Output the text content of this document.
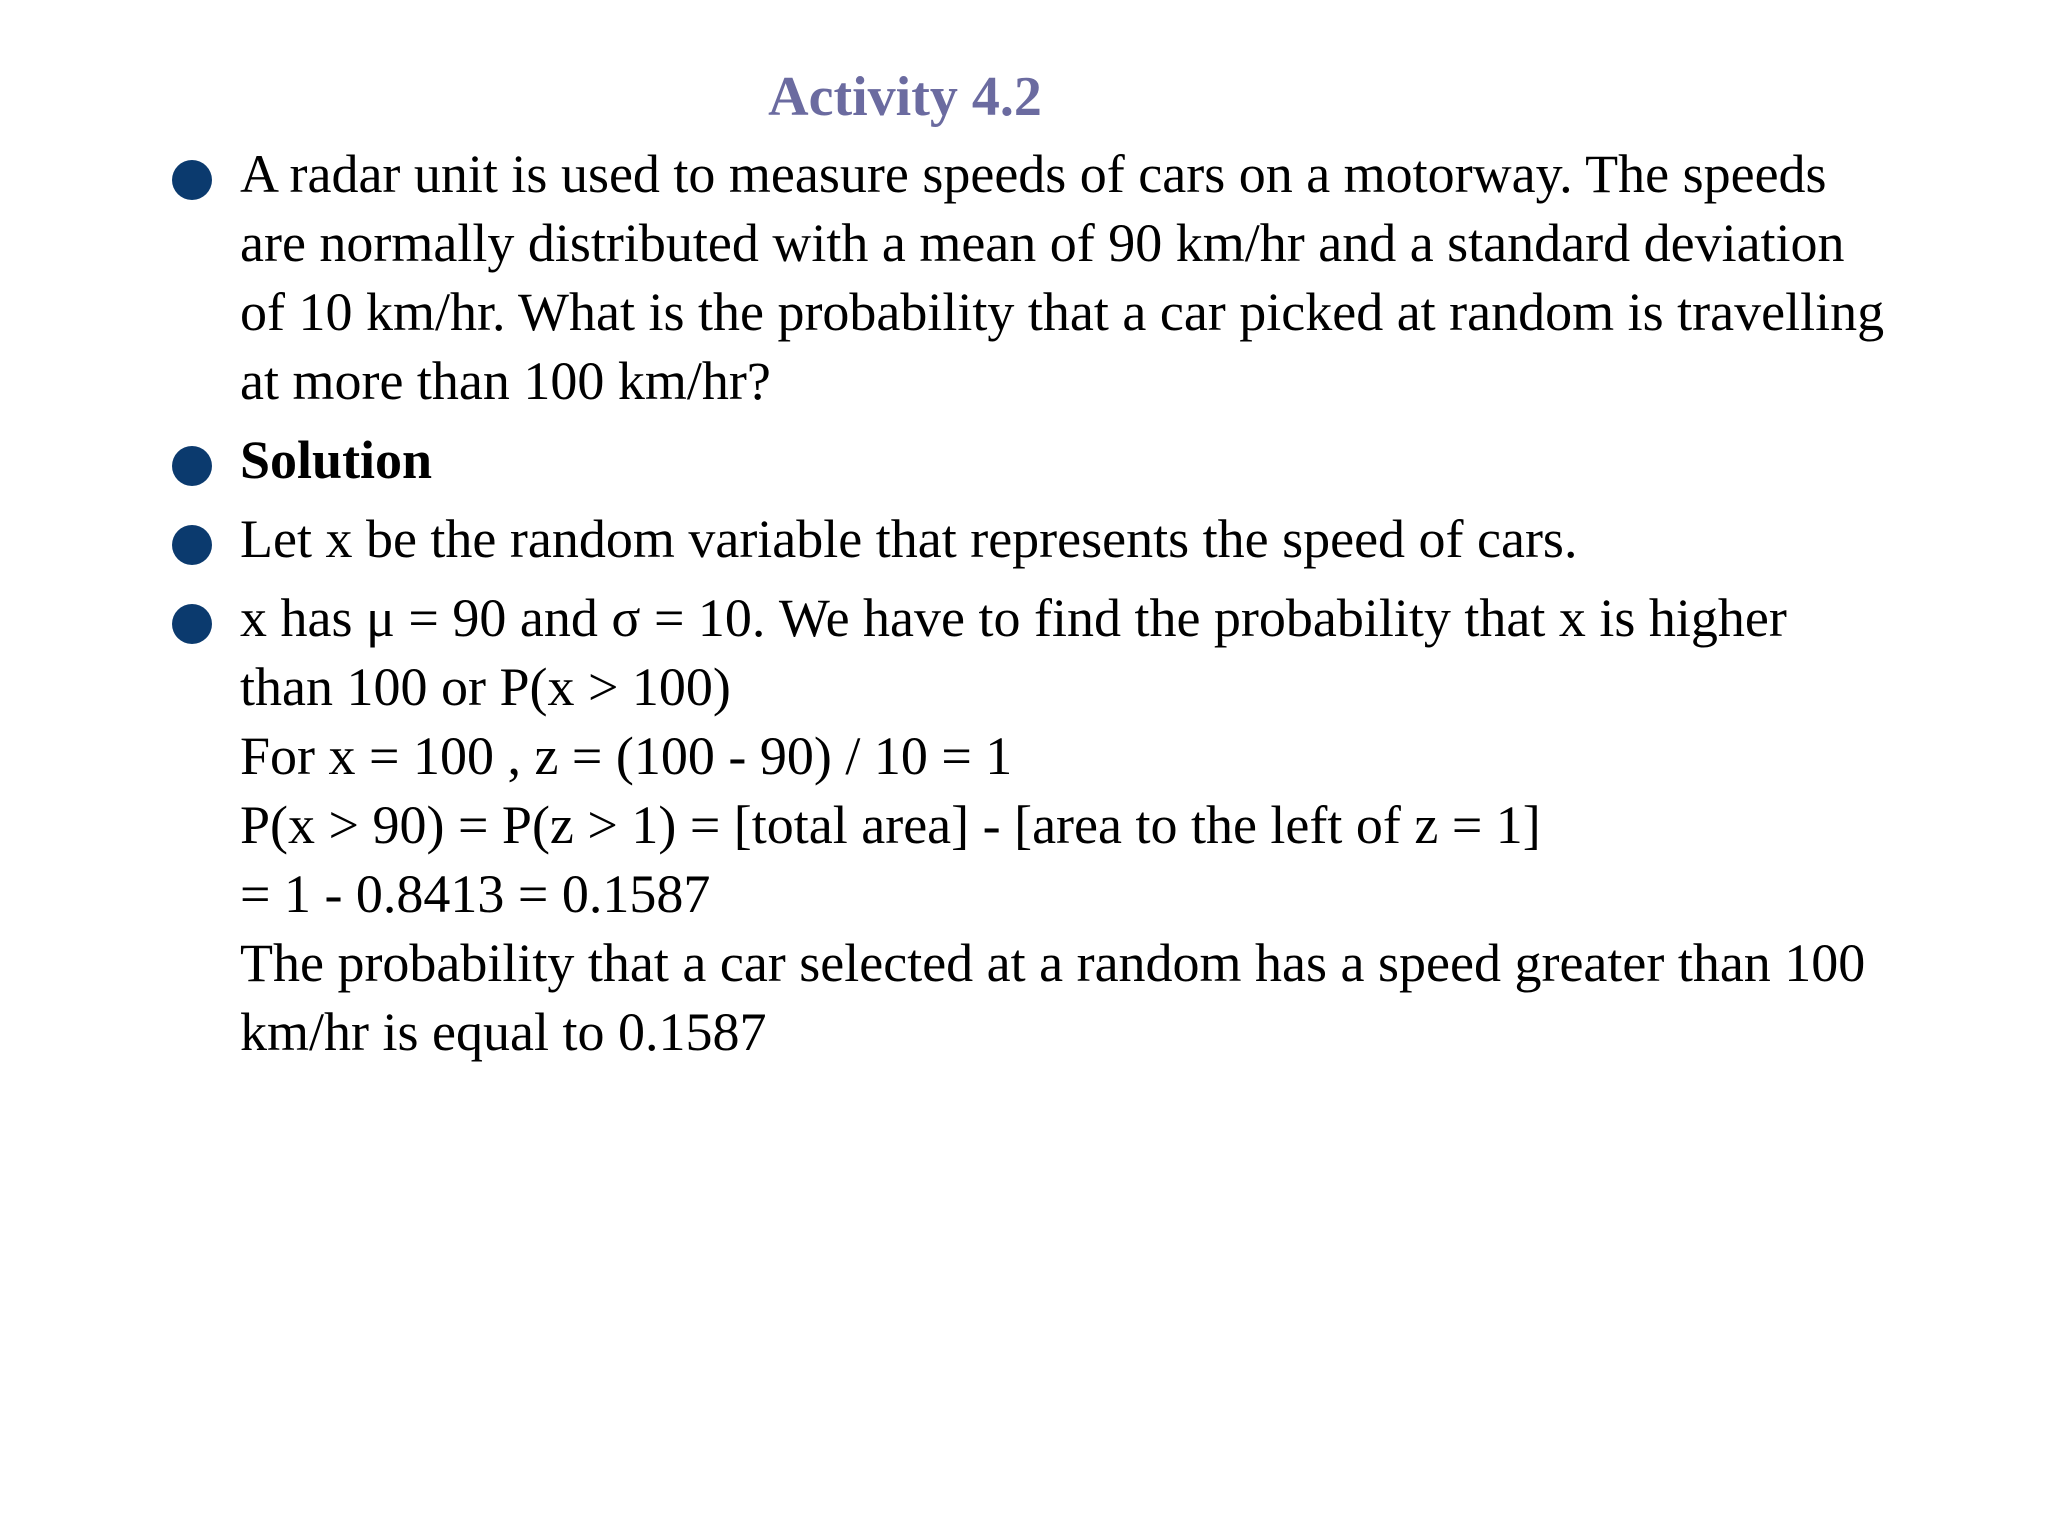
Activity 4.2
A radar unit is used to measure speeds of cars on a motorway. The speeds
are normally distributed with a mean of 90 km/hr and a standard deviation
of 10 km/hr. What is the probability that a car picked at random is travelling
at more than 100 km/hr?
Solution
Let x be the random variable that represents the speed of cars.
x has μ = 90 and σ = 10. We have to find the probability that x is higher
than 100 or P(x > 100)
For x = 100 , z = (100 - 90) / 10 = 1
P(x > 90) = P(z > 1) = [total area] - [area to the left of z = 1]
= 1 - 0.8413 = 0.1587
The probability that a car selected at a random has a speed greater than 100
km/hr is equal to 0.1587
